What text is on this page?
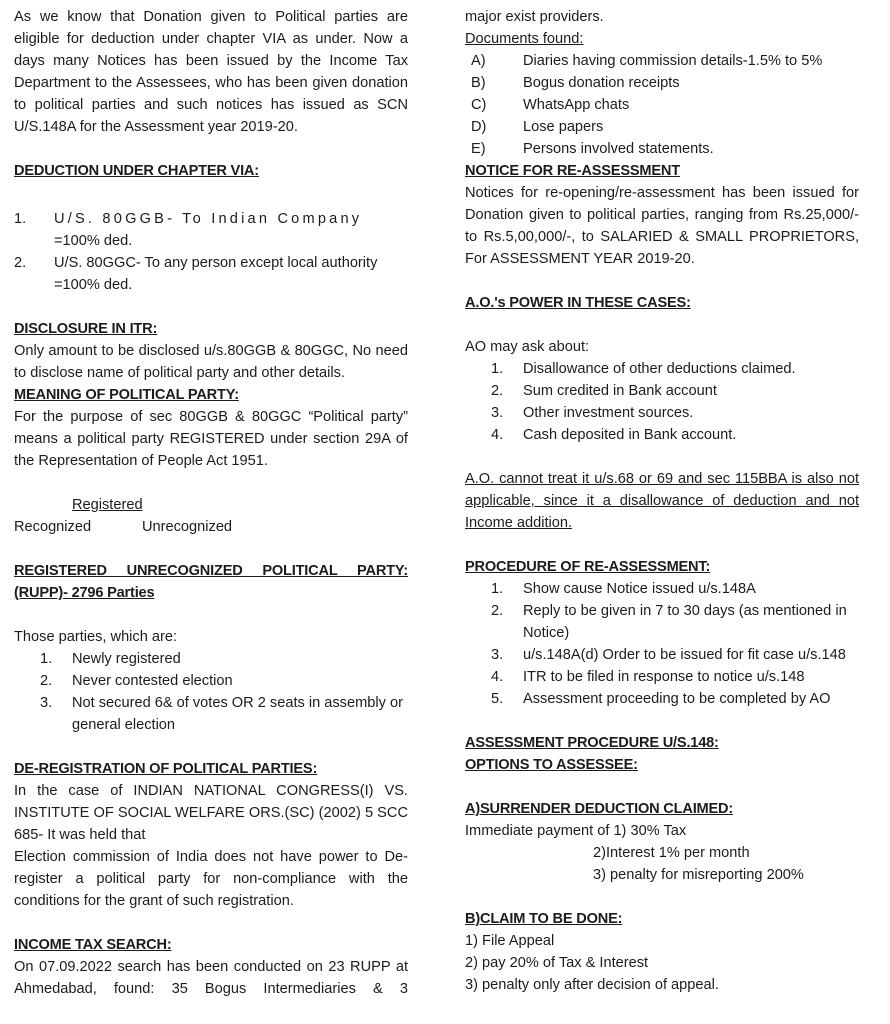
As we know that Donation given to Political parties are eligible for deduction under chapter VIA as under. Now a days many Notices has been issued by the Income Tax Department to the Assessees, who has been given donation to political parties and such notices has issued as SCN U/S.148A for the Assessment year 2019-20.
DEDUCTION UNDER CHAPTER VIA:
1.	U/S. 80GGB- To Indian Company
=100% ded.
2.	U/S. 80GGC- To any person except local authority
=100% ded.
DISCLOSURE IN ITR:
Only amount to be disclosed u/s.80GGB & 80GGC, No need to disclose name of political party and other details.
MEANING OF POLITICAL PARTY:
For the purpose of sec 80GGB & 80GGC “Political party” means a political party REGISTERED under section 29A of the Representation of People Act 1951.
Registered
Recognized	Unrecognized
REGISTERED UNRECOGNIZED POLITICAL PARTY:
(RUPP)- 2796 Parties
Those parties, which are:
1.	Newly registered
2.	Never contested election
3.	Not secured 6& of votes OR 2 seats in assembly or general election
DE-REGISTRATION OF POLITICAL PARTIES:
In the case of INDIAN NATIONAL CONGRESS(I) VS. INSTITUTE OF SOCIAL WELFARE ORS.(SC) (2002) 5 SCC 685- It was held that
Election commission of India does not have power to De-register a political party for non-compliance with the conditions for the grant of such registration.
INCOME TAX SEARCH:
On 07.09.2022 search has been conducted on 23 RUPP at Ahmedabad, found: 35 Bogus Intermediaries & 3
major exist providers.
Documents found:
A)	Diaries having commission details-1.5% to 5%
B)	Bogus donation receipts
C)	WhatsApp chats
D)	Lose papers
E)	Persons involved statements.
NOTICE FOR RE-ASSESSMENT
Notices for re-opening/re-assessment has been issued for Donation given to political parties, ranging from Rs.25,000/- to Rs.5,00,000/-, to SALARIED & SMALL PROPRIETORS, For ASSESSMENT YEAR 2019-20.
A.O.'s POWER IN THESE CASES:
AO may ask about:
1.	Disallowance of other deductions claimed.
2.	Sum credited in Bank account
3.	Other investment sources.
4.	Cash deposited in Bank account.
A.O. cannot treat it u/s.68 or 69 and sec 115BBA is also not applicable, since it a disallowance of deduction and not Income addition.
PROCEDURE OF RE-ASSESSMENT:
1.	Show cause Notice issued u/s.148A
2.	Reply to be given in 7 to 30 days (as mentioned in Notice)
3.	u/s.148A(d) Order to be issued for fit case u/s.148
4.	ITR to be filed in response to notice u/s.148
5.	Assessment proceeding to be completed by AO
ASSESSMENT PROCEDURE U/S.148:
OPTIONS TO ASSESSEE:
A)SURRENDER DEDUCTION CLAIMED:
Immediate payment of 1) 30% Tax
2)Interest 1% per month
3) penalty for misreporting 200%
B)CLAIM TO BE DONE:
1) File Appeal
2) pay 20% of Tax & Interest
3) penalty only after decision of appeal.
